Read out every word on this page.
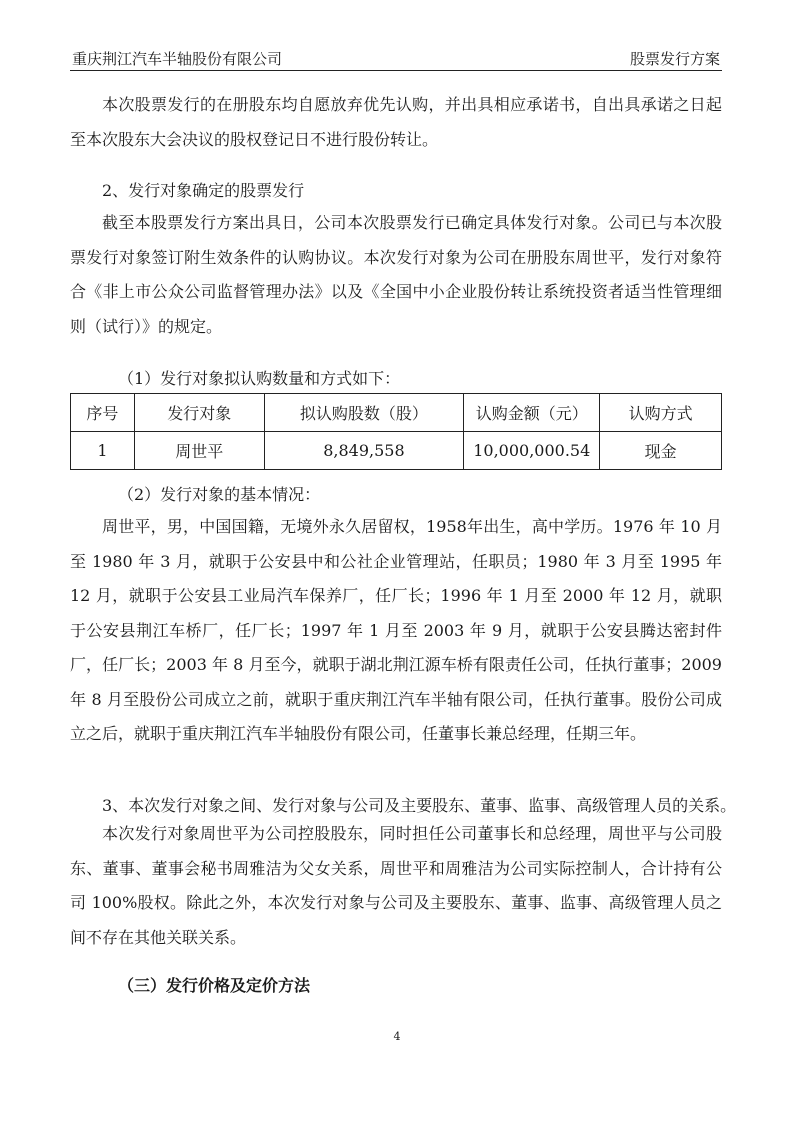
重庆荆江汽车半轴股份有限公司	股票发行方案

本次股票发行的在册股东均自愿放弃优先认购，并出具相应承诺书，自出具承诺之日起至本次股东大会决议的股权登记日不进行股份转让。

2、发行对象确定的股票发行

截至本股票发行方案出具日，公司本次股票发行已确定具体发行对象。公司已与本次股票发行对象签订附生效条件的认购协议。本次发行对象为公司在册股东周世平，发行对象符合《非上市公众公司监督管理办法》以及《全国中小企业股份转让系统投资者适当性管理细则（试行）》的规定。

（1）发行对象拟认购数量和方式如下：

序号	发行对象	拟认购股数（股）	认购金额（元）	认购方式
1	周世平	8,849,558	10,000,000.54	现金

（2）发行对象的基本情况：

周世平，男，中国国籍，无境外永久居留权，1958年出生，高中学历。1976 年 10 月至 1980 年 3 月，就职于公安县中和公社企业管理站，任职员；1980 年 3 月至 1995 年 12 月，就职于公安县工业局汽车保养厂，任厂长；1996 年 1 月至 2000 年 12 月，就职于公安县荆江车桥厂，任厂长；1997 年 1 月至 2003 年 9 月，就职于公安县腾达密封件厂，任厂长；2003 年 8 月至今，就职于湖北荆江源车桥有限责任公司，任执行董事；2009 年 8 月至股份公司成立之前，就职于重庆荆江汽车半轴有限公司，任执行董事。股份公司成立之后，就职于重庆荆江汽车半轴股份有限公司，任董事长兼总经理，任期三年。

3、本次发行对象之间、发行对象与公司及主要股东、董事、监事、高级管理人员的关系。

本次发行对象周世平为公司控股股东，同时担任公司董事长和总经理，周世平与公司股东、董事、董事会秘书周雅洁为父女关系，周世平和周雅洁为公司实际控制人，合计持有公司 100%股权。除此之外，本次发行对象与公司及主要股东、董事、监事、高级管理人员之间不存在其他关联关系。

（三）发行价格及定价方法

4
